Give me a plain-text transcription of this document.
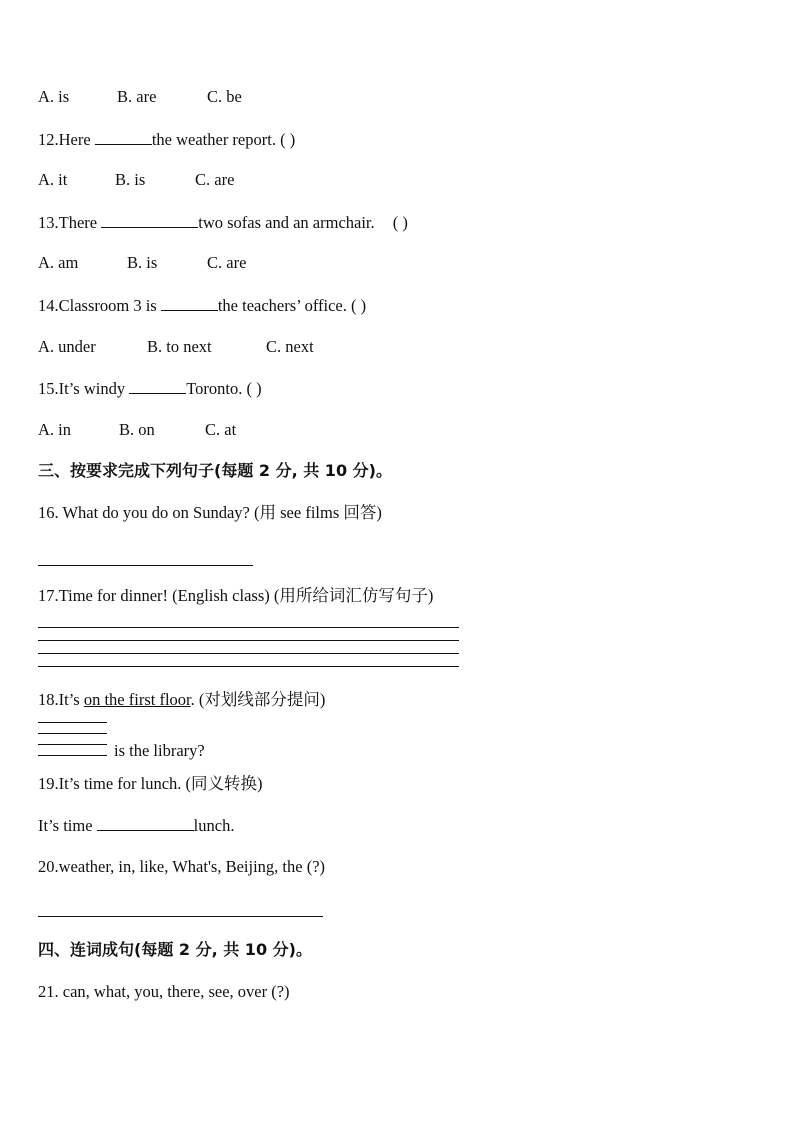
A. is	B. are	C. be
12.Here	the weather report. ( )
A. it	B. is	C. are
13.There	two sofas and an armchair. ( )
A. am	B. is	C. are
14.Classroom 3 is	the teachers’ office. ( )
A. under	B. to next	C. next
15.It’s windy	Toronto. ( )
A. in	B. on	C. at
三、按要求完成下列句子(每题 2 分, 共 10 分)。
16. What do you do on Sunday? (用 see films 回答)
17.Time for dinner! (English class) (用所给词汇仿写句子)
18.It’s on the first floor. (对划线部分提问)
is the library?
19.It’s time for lunch. (同义转换)
It’s time	lunch.
20.weather, in, like, What's, Beijing, the (?)
四、连词成句(每题 2 分, 共 10 分)。
21. can, what, you, there, see, over (?)
